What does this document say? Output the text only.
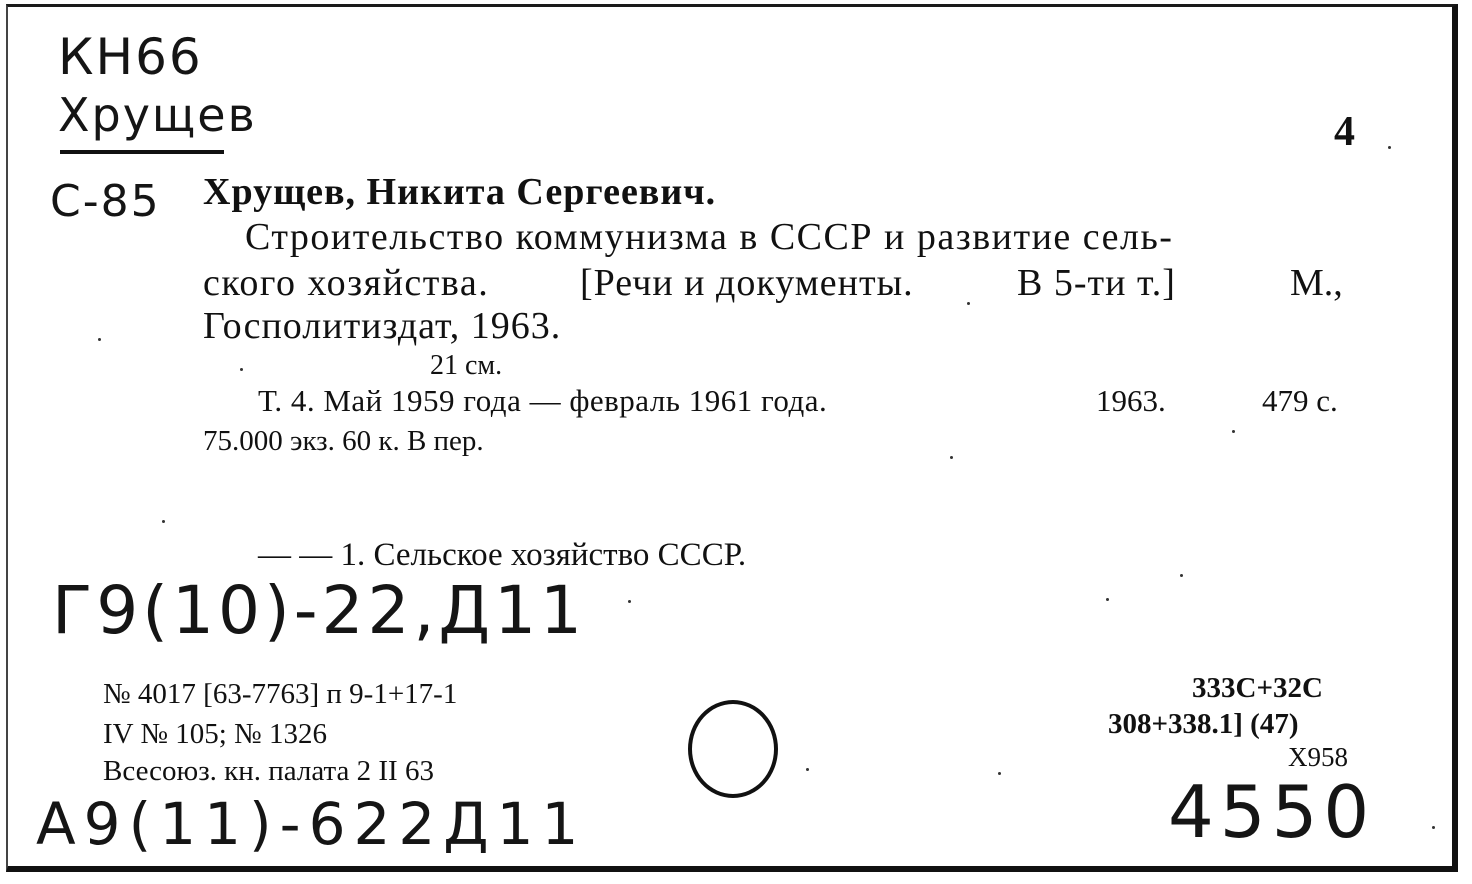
КН66
Хрущев
С-85
4
Хрущев, Никита Сергеевич.
Строительство коммунизма в СССР и развитие сель-
ского хозяйства. [Речи и документы.	В 5-ти т.]	М.,
Госполитиздат, 1963.
21 см.
Т. 4. Май 1959 года — февраль 1961 года.	1963.	479 с.
75.000 экз. 60 к. В пер.
— — 1. Сельское хозяйство СССР.
Г9(10)-22,Д11
№ 4017 [63-7763] п 9-1+17-1
IV № 105; № 1326
Всесоюз. кн. палата 2 II 63
333С+32С
308+338.1] (47)
Х958
А9(11)-622Д11	4550
